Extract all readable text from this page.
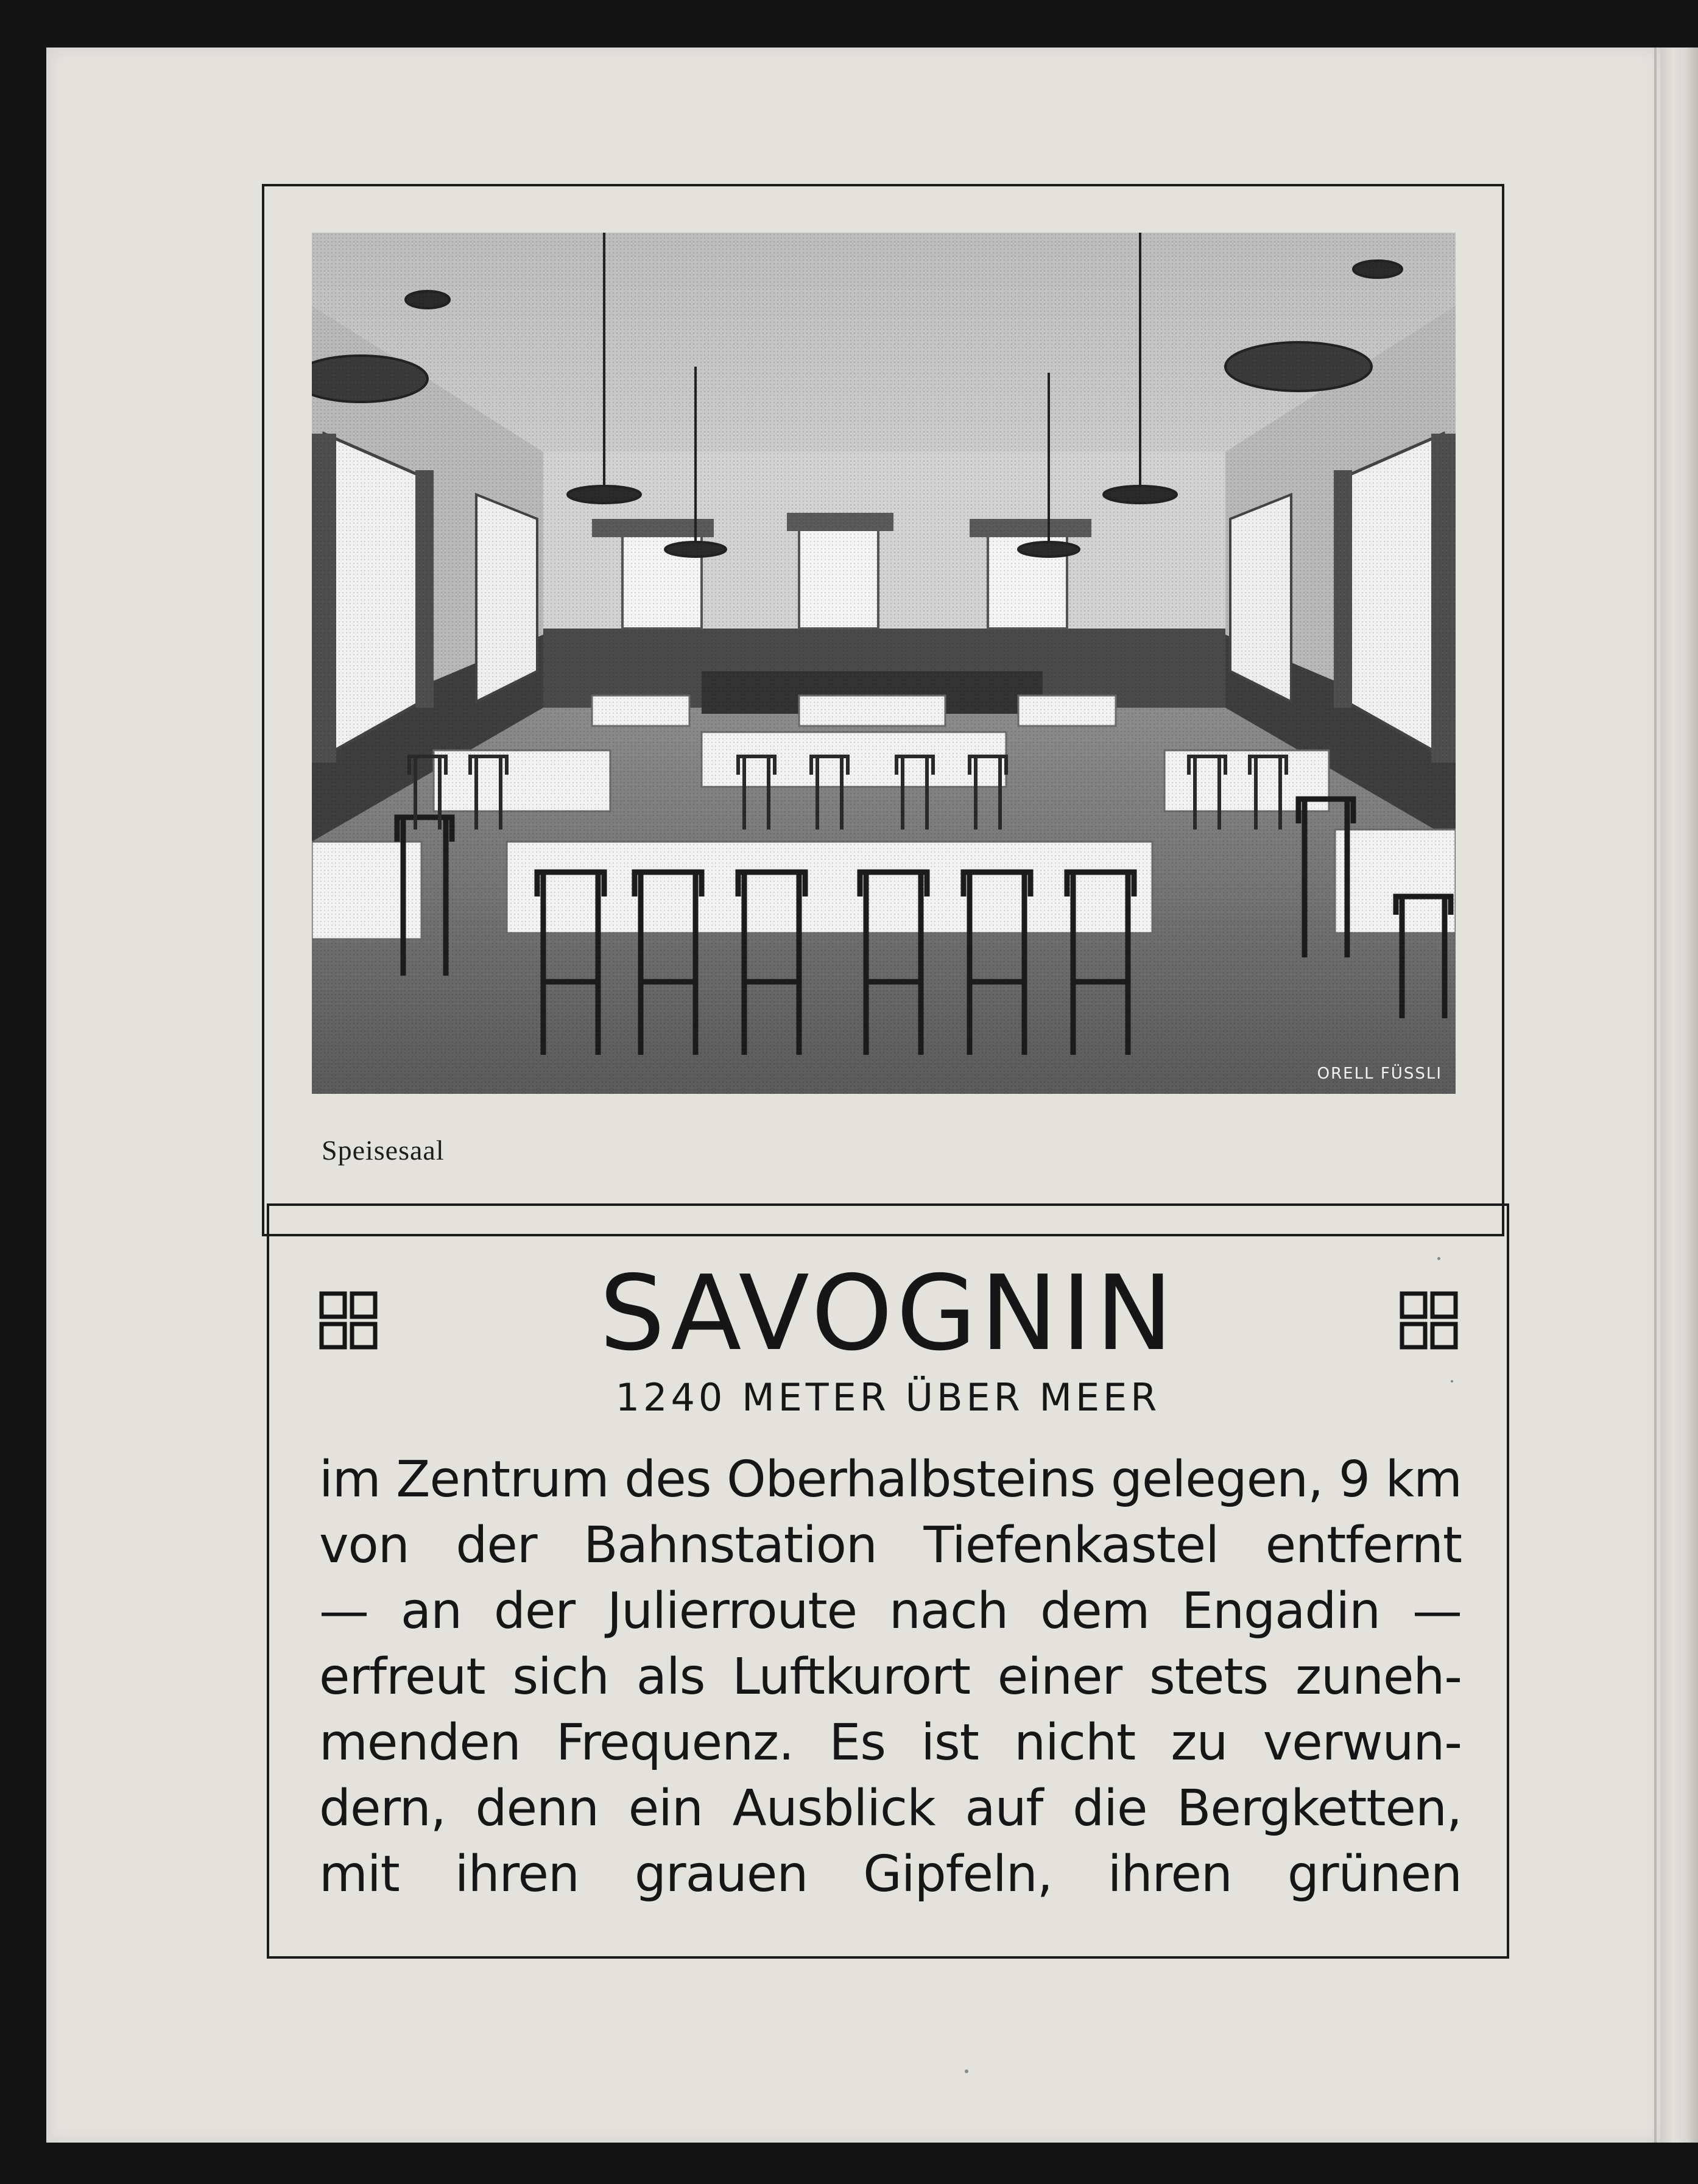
ORELL FÜSSLI
Speisesaal
SAVOGNIN
1240 METER ÜBER MEER
im Zentrum des Oberhalbsteins gelegen, 9 km
von der Bahnstation Tiefenkastel entfernt
— an der Julierroute nach dem Engadin —
erfreut sich als Luftkurort einer stets zuneh-
menden Frequenz. Es ist nicht zu verwun-
dern, denn ein Ausblick auf die Bergketten,
mit ihren grauen Gipfeln, ihren grünen
